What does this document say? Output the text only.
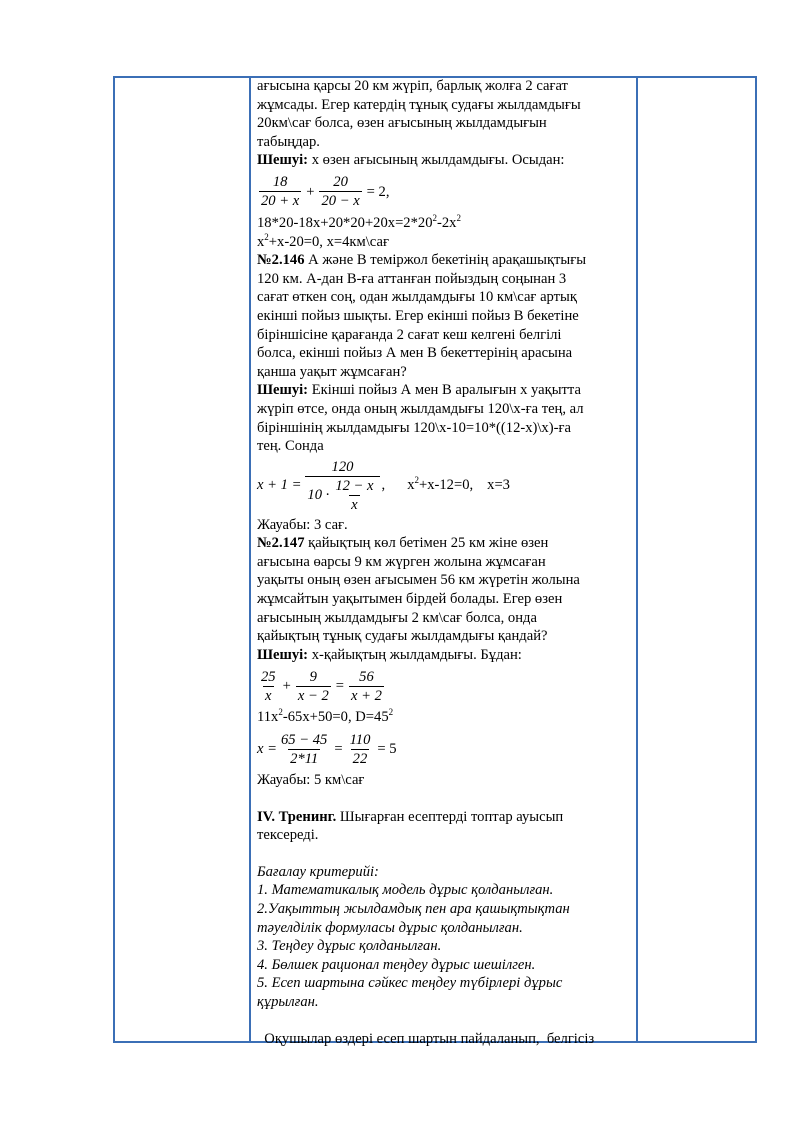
ағысына қарсы 20 км жүріп, барлық жолға 2 сағат

жұмсады. Егер катердің тұнық судағы жылдамдығы

20км\сағ болса, өзен ағысының жылдамдығын

табыңдар.

Шешуі: x өзен ағысының жылдамдығы. Осыдан:

$\frac{18}{20 + x} + \frac{20}{20 - x} = 2$,

$18*20-18x+20*20+20x=2*20^2-2x^2$

$x^2+x-20=0$, x=4км\сағ

№2.146 А және В теміржол бекетінің арақашықтығы

120 км. А-дан В-ға аттанған пойыздың соңынан 3

сағат өткен соң, одан жылдамдығы 10 км\сағ артық

екінші пойыз шықты. Егер екінші пойыз В бекетіне

біріншісіне қарағанда 2 сағат кеш келгені белгілі

болса, екінші пойыз А мен В бекеттерінің арасына

қанша уақыт жұмсаған?

Шешуі: Екінші пойыз А мен В аралығын x уақытта

жүріп өтсе, онда оның жылдамдығы 120\x-ға тең, ал

біріншінің жылдамдығы 120\x-10=10*((12-x)\x)-ға

тең. Сонда

$x + 1 = \frac{120}{10 \cdot \frac{12 - x}{x}}$ , $x^2+x-12=0$, x=3

Жауабы: 3 сағ.

№2.147 қайықтың көл бетімен 25 км жіне өзен

ағысына өарсы 9 км жүрген жолына жұмсаған

уақыты оның өзен ағысымен 56 км жүретін жолына

жұмсайтын уақытымен бірдей болады. Егер өзен

ағысының жылдамдығы 2 км\сағ болса, онда

қайықтың тұнық судағы жылдамдығы қандай?

Шешуі: x-қайықтың жылдамдығы. Бұдан:

$\frac{25}{x} + \frac{9}{x - 2} = \frac{56}{x + 2}$

$11x^2-65x+50=0$, $D=45^2$

$x = \frac{65 - 45}{2*11} = \frac{110}{22} = 5$

Жауабы: 5 км\сағ

IV. Тренинг. Шығарған есептерді топтар ауысып

тексереді.

Бағалау критерийі:

1. Математикалық модель дұрыс қолданылған.

2.Уақыттың жылдамдық пен ара қашықтықтан

тәуелділік формуласы дұрыс қолданылған.

3. Теңдеу дұрыс қолданылған.

4. Бөлшек рационал теңдеу дұрыс шешілген.

5. Есеп шартына сәйкес теңдеу түбірлері дұрыс

құрылған.

Оқушылар өздері есеп шартын пайдаланып,  белгісіз
